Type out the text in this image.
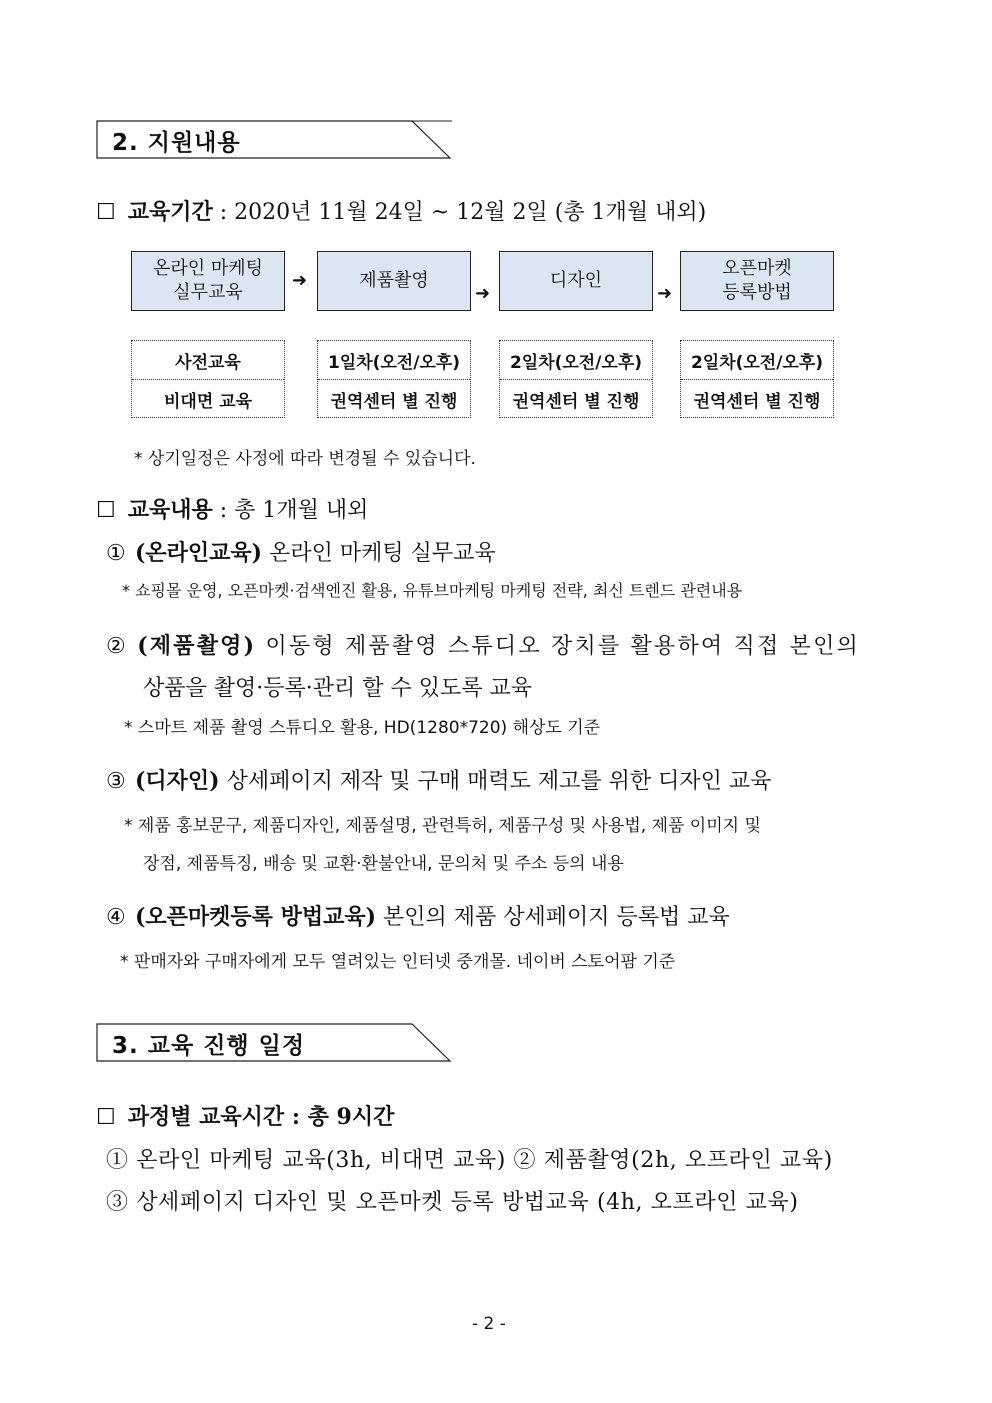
2. 지원내용
☐ 교육기간 : 2020년 11월 24일 ~ 12월 2일 (총 1개월 내외)
온라인 마케팅
실무교육
➜	제품촬영
➜
디자인
➜
오픈마켓
등록방법
사전교육
비대면 교육
1일차(오전/오후)
권역센터 별 진행
2일차(오전/오후)
권역센터 별 진행
2일차(오전/오후)
권역센터 별 진행
* 상기일정은 사정에 따라 변경될 수 있습니다.
☐ 교육내용 : 총 1개월 내외
① (온라인교육) 온라인 마케팅 실무교육
* 쇼핑몰 운영, 오픈마켓·검색엔진 활용, 유튜브마케팅 마케팅 전략, 최신 트렌드 관련내용
② (제품촬영) 이동형 제품촬영 스튜디오 장치를 활용하여 직접 본인의
상품을 촬영·등록·관리 할 수 있도록 교육
* 스마트 제품 촬영 스튜디오 활용, HD(1280*720) 해상도 기준
③ (디자인) 상세페이지 제작 및 구매 매력도 제고를 위한 디자인 교육
* 제품 홍보문구, 제품디자인, 제품설명, 관련특허, 제품구성 및 사용법, 제품 이미지 및
장점, 제품특징, 배송 및 교환·환불안내, 문의처 및 주소 등의 내용
④ (오픈마켓등록 방법교육) 본인의 제품 상세페이지 등록법 교육
* 판매자와 구매자에게 모두 열려있는 인터넷 중개몰. 네이버 스토어팜 기준
3. 교육 진행 일정
☐ 과정별 교육시간 : 총 9시간
① 온라인 마케팅 교육(3h, 비대면 교육) ② 제품촬영(2h, 오프라인 교육)
③ 상세페이지 디자인 및 오픈마켓 등록 방법교육 (4h, 오프라인 교육)
- 2 -
